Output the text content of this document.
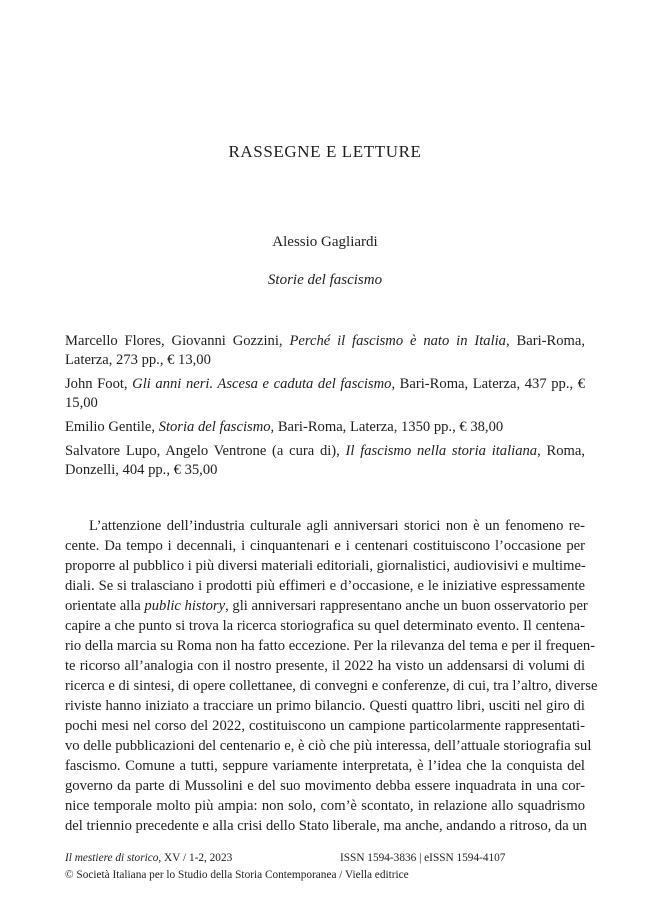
RASSEGNE E LETTURE
Alessio Gagliardi
Storie del fascismo
Marcello Flores, Giovanni Gozzini, Perché il fascismo è nato in Italia, Bari-Roma, Laterza, 273 pp., € 13,00
John Foot, Gli anni neri. Ascesa e caduta del fascismo, Bari-Roma, Laterza, 437 pp., € 15,00
Emilio Gentile, Storia del fascismo, Bari-Roma, Laterza, 1350 pp., € 38,00
Salvatore Lupo, Angelo Ventrone (a cura di), Il fascismo nella storia italiana, Roma, Donzelli, 404 pp., € 35,00
L’attenzione dell’industria culturale agli anniversari storici non è un fenomeno re-
cente. Da tempo i decennali, i cinquantenari e i centenari costituiscono l’occasione per
proporre al pubblico i più diversi materiali editoriali, giornalistici, audiovisivi e multime-
diali. Se si tralasciano i prodotti più effimeri e d’occasione, e le iniziative espressamente
orientate alla public history, gli anniversari rappresentano anche un buon osservatorio per
capire a che punto si trova la ricerca storiografica su quel determinato evento. Il centena-
rio della marcia su Roma non ha fatto eccezione. Per la rilevanza del tema e per il frequen-
te ricorso all’analogia con il nostro presente, il 2022 ha visto un addensarsi di volumi di
ricerca e di sintesi, di opere collettanee, di convegni e conferenze, di cui, tra l’altro, diverse
riviste hanno iniziato a tracciare un primo bilancio. Questi quattro libri, usciti nel giro di
pochi mesi nel corso del 2022, costituiscono un campione particolarmente rappresentati-
vo delle pubblicazioni del centenario e, è ciò che più interessa, dell’attuale storiografia sul
fascismo. Comune a tutti, seppure variamente interpretata, è l’idea che la conquista del
governo da parte di Mussolini e del suo movimento debba essere inquadrata in una cor-
nice temporale molto più ampia: non solo, com’è scontato, in relazione allo squadrismo
del triennio precedente e alla crisi dello Stato liberale, ma anche, andando a ritroso, da un
Il mestiere di storico, XV / 1-2, 2023	ISSN 1594-3836 | eISSN 1594-4107
© Società Italiana per lo Studio della Storia Contemporanea / Viella editrice
